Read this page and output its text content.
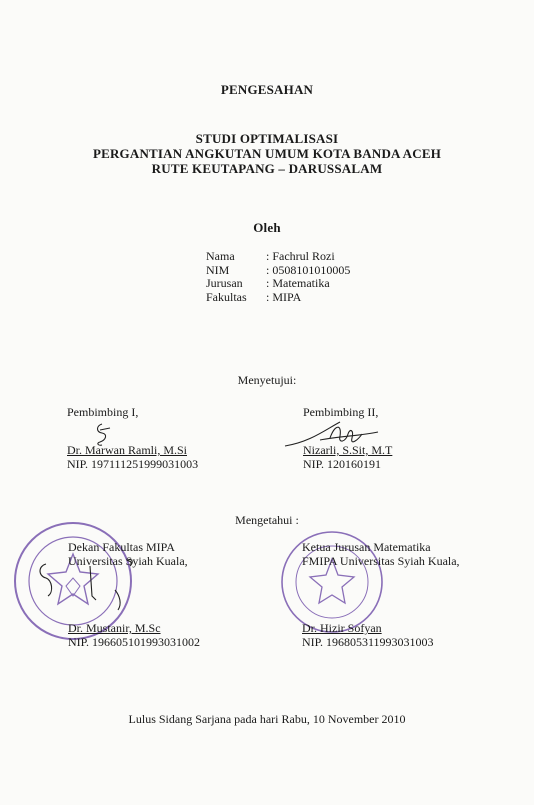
PENGESAHAN
STUDI OPTIMALISASI
PERGANTIAN ANGKUTAN UMUM KOTA BANDA ACEH
RUTE KEUTAPANG – DARUSSALAM
Oleh
Nama	: Fachrul Rozi
NIM	: 0508101010005
Jurusan : Matematika
Fakultas : MIPA
Menyetujui:
Pembimbing I,
Dr. Marwan Ramli, M.Si
NIP. 197111251999031003
Pembimbing II,
Nizarli, S.Sit, M.T
NIP. 120160191
Mengetahui :
Dekan Fakultas MIPA
Universitas Syiah Kuala,
Dr. Mustanir, M.Sc
NIP. 196605101993031002
Ketua Jurusan Matematika
FMIPA Universitas Syiah Kuala,
Dr. Hizir Sofyan
NIP. 196805311993031003
Lulus Sidang Sarjana pada hari Rabu, 10 November 2010
